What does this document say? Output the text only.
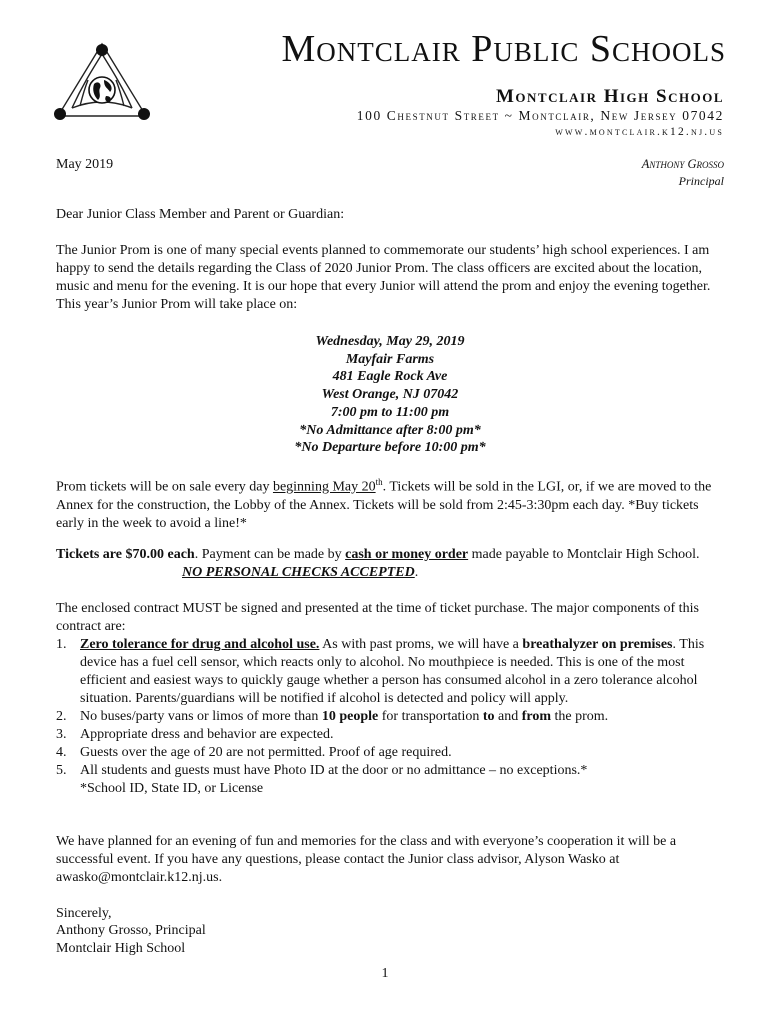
Montclair Public Schools
Montclair High School
100 Chestnut Street ~ Montclair, New Jersey 07042
www.montclair.k12.nj.us
May 2019	Anthony Grosso
Principal
Dear Junior Class Member and Parent or Guardian:
The Junior Prom is one of many special events planned to commemorate our students’ high school experiences. I am happy to send the details regarding the Class of 2020 Junior Prom. The class officers are excited about the location, music and menu for the evening. It is our hope that every Junior will attend the prom and enjoy the evening together. This year’s Junior Prom will take place on:
Wednesday, May 29, 2019
Mayfair Farms
481 Eagle Rock Ave
West Orange, NJ 07042
7:00 pm to 11:00 pm
*No Admittance after 8:00 pm*
*No Departure before 10:00 pm*
Prom tickets will be on sale every day beginning May 20th. Tickets will be sold in the LGI, or, if we are moved to the Annex for the construction, the Lobby of the Annex. Tickets will be sold from 2:45-3:30pm each day. *Buy tickets early in the week to avoid a line!*
Tickets are $70.00 each. Payment can be made by cash or money order made payable to Montclair High School.NO PERSONAL CHECKS ACCEPTED.
The enclosed contract MUST be signed and presented at the time of ticket purchase. The major components of this contract are:
1. Zero tolerance for drug and alcohol use. As with past proms, we will have a breathalyzer on premises. This device has a fuel cell sensor, which reacts only to alcohol. No mouthpiece is needed. This is one of the most efficient and easiest ways to quickly gauge whether a person has consumed alcohol in a zero tolerance alcohol situation. Parents/guardians will be notified if alcohol is detected and policy will apply.
2. No buses/party vans or limos of more than 10 people for transportation to and from the prom.
3. Appropriate dress and behavior are expected.
4. Guests over the age of 20 are not permitted. Proof of age required.
5. All students and guests must have Photo ID at the door or no admittance – no exceptions.*
*School ID, State ID, or License
We have planned for an evening of fun and memories for the class and with everyone’s cooperation it will be a successful event. If you have any questions, please contact the Junior class advisor, Alyson Wasko at awasko@montclair.k12.nj.us.
Sincerely,
Anthony Grosso, Principal
Montclair High School
1
